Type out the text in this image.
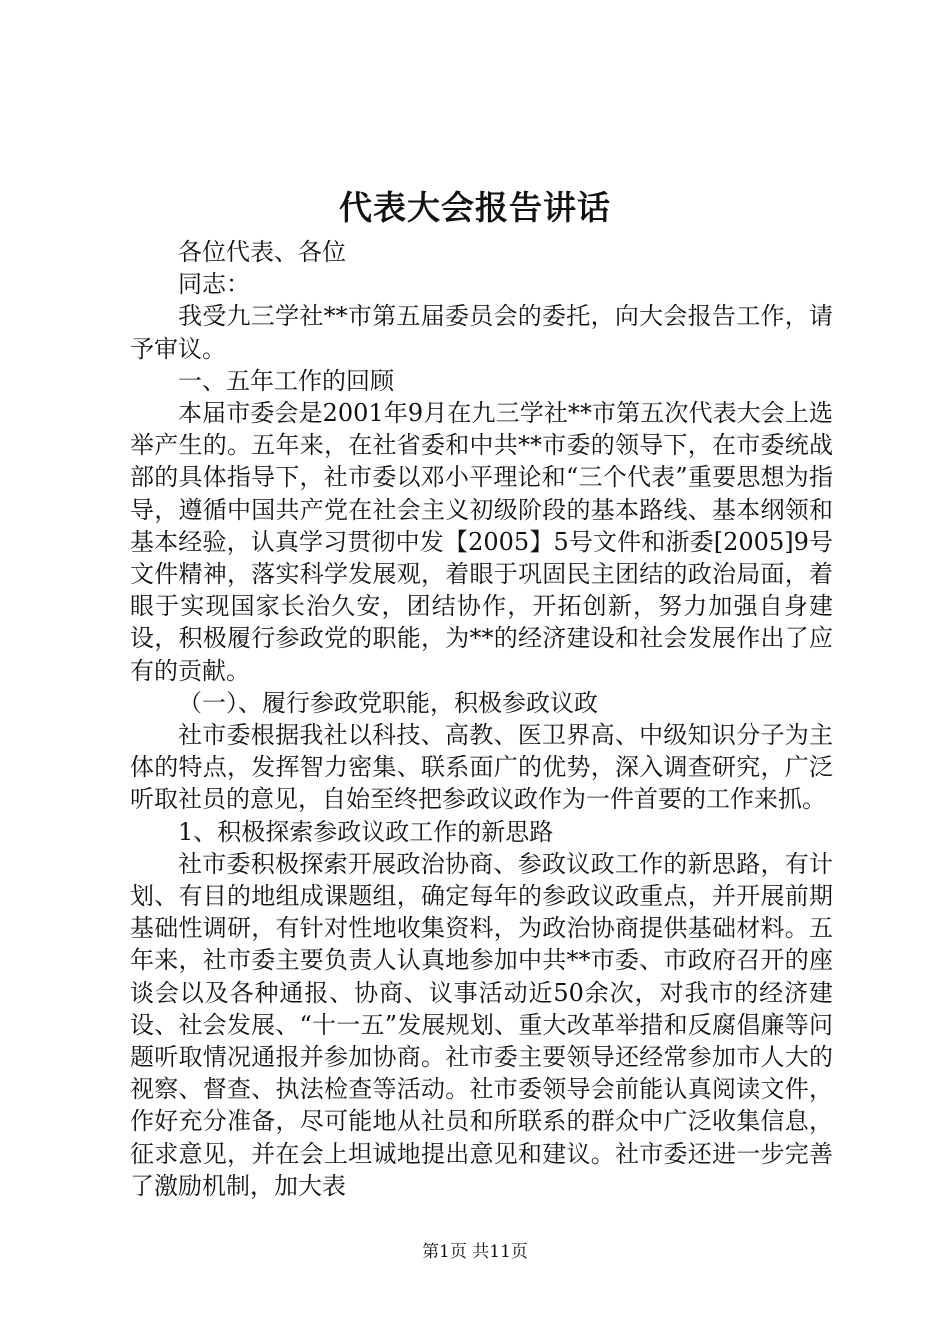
代表大会报告讲话

各位代表、各位

同志：

我受九三学社**市第五届委员会的委托，向大会报告工作，请予审议。

一、五年工作的回顾

本届市委会是2001年9月在九三学社**市第五次代表大会上选举产生的。五年来，在社省委和中共**市委的领导下，在市委统战部的具体指导下，社市委以邓小平理论和“三个代表”重要思想为指导，遵循中国共产党在社会主义初级阶段的基本路线、基本纲领和基本经验，认真学习贯彻中发【2005】5号文件和浙委[2005]9号文件精神，落实科学发展观，着眼于巩固民主团结的政治局面，着眼于实现国家长治久安，团结协作，开拓创新，努力加强自身建设，积极履行参政党的职能，为**的经济建设和社会发展作出了应有的贡献。

（一）、履行参政党职能，积极参政议政

社市委根据我社以科技、高教、医卫界高、中级知识分子为主体的特点，发挥智力密集、联系面广的优势，深入调查研究，广泛听取社员的意见，自始至终把参政议政作为一件首要的工作来抓。

1、积极探索参政议政工作的新思路

社市委积极探索开展政治协商、参政议政工作的新思路，有计划、有目的地组成课题组，确定每年的参政议政重点，并开展前期基础性调研，有针对性地收集资料，为政治协商提供基础材料。五年来，社市委主要负责人认真地参加中共**市委、市政府召开的座谈会以及各种通报、协商、议事活动近50余次，对我市的经济建设、社会发展、“十一五”发展规划、重大改革举措和反腐倡廉等问题听取情况通报并参加协商。社市委主要领导还经常参加市人大的视察、督查、执法检查等活动。社市委领导会前能认真阅读文件，作好充分准备，尽可能地从社员和所联系的群众中广泛收集信息，征求意见，并在会上坦诚地提出意见和建议。社市委还进一步完善了激励机制，加大表

第1页 共11页
